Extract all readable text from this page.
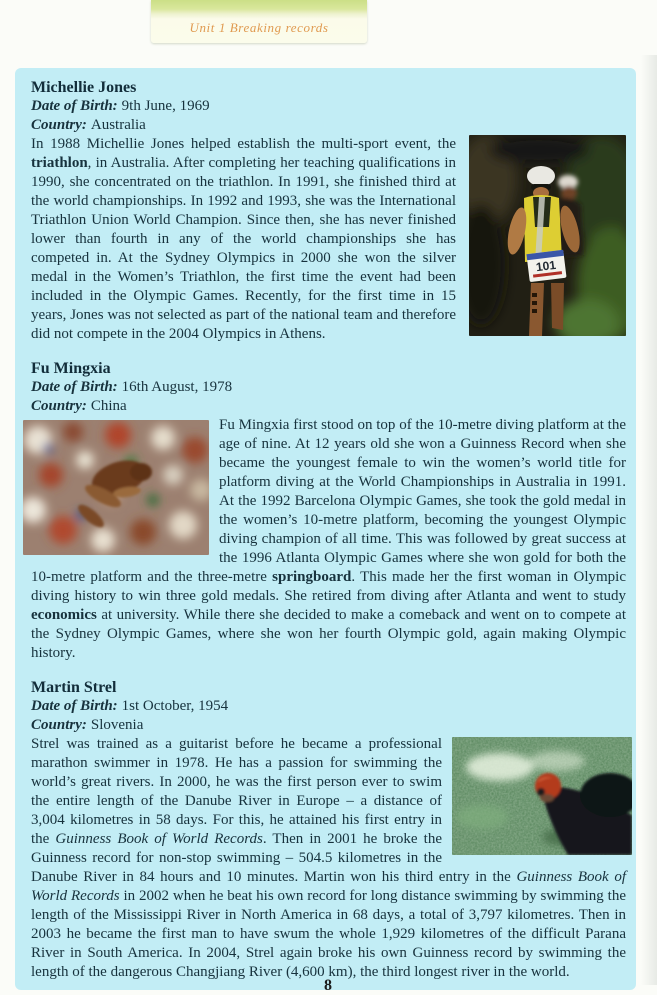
Unit 1 Breaking records
Michellie Jones

Date of Birth: 9th June, 1969

Country: Australia

101
In 1988 Michellie Jones helped establish the multi-sport event, the triathlon, in Australia. After completing her teaching qualifications in 1990, she concentrated on the triathlon. In 1991, she finished third at the world championships. In 1992 and 1993, she was the International Triathlon Union World Champion. Since then, she has never finished lower than fourth in any of the world championships she has competed in. At the Sydney Olympics in 2000 she won the silver medal in the Women’s Triathlon, the first time the event had been included in the Olympic Games. Recently, for the first time in 15 years, Jones was not selected as part of the national team and therefore did not compete in the 2004 Olympics in Athens.

Fu Mingxia

Date of Birth: 16th August, 1978

Country: China

Fu Mingxia first stood on top of the 10-metre diving platform at the age of nine. At 12 years old she won a Guinness Record when she became the youngest female to win the women’s world title for platform diving at the World Championships in Australia in 1991. At the 1992 Barcelona Olympic Games, she took the gold medal in the women’s 10-metre platform, becoming the youngest Olympic diving champion of all time. This was followed by great success at the 1996 Atlanta Olympic Games where she won gold for both the 10-metre platform and the three-metre springboard. This made her the first woman in Olympic diving history to win three gold medals. She retired from diving after Atlanta and went to study economics at university. While there she decided to make a comeback and went on to compete at the Sydney Olympic Games, where she won her fourth Olympic gold, again making Olympic history.

Martin Strel

Date of Birth: 1st October, 1954

Country: Slovenia

Strel was trained as a guitarist before he became a professional marathon swimmer in 1978. He has a passion for swimming the world’s great rivers. In 2000, he was the first person ever to swim the entire length of the Danube River in Europe – a distance of 3,004 kilometres in 58 days. For this, he attained his first entry in the Guinness Book of World Records. Then in 2001 he broke the Guinness record for non-stop swimming – 504.5 kilometres in the Danube River in 84 hours and 10 minutes. Martin won his third entry in the Guinness Book of World Records in 2002 when he beat his own record for long distance swimming by swimming the length of the Mississippi River in North America in 68 days, a total of 3,797 kilometres. Then in 2003 he became the first man to have swum the whole 1,929 kilometres of the difficult Parana River in South America. In 2004, Strel again broke his own Guinness record by swimming the length of the dangerous Changjiang River (4,600 km), the third longest river in the world.

8
